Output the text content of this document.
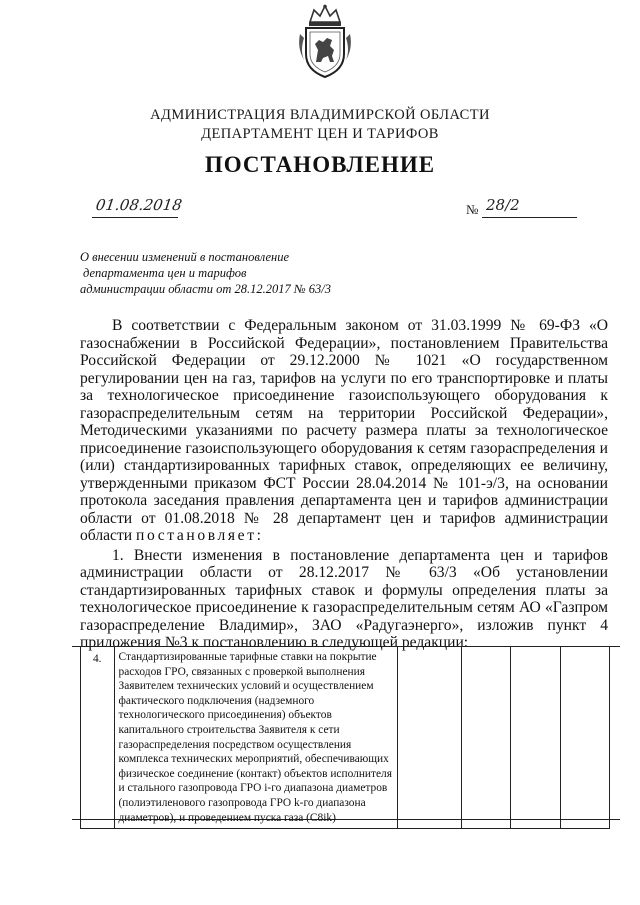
АДМИНИСТРАЦИЯ ВЛАДИМИРСКОЙ ОБЛАСТИ
ДЕПАРТАМЕНТ ЦЕН И ТАРИФОВ
ПОСТАНОВЛЕНИЕ
01.08.2018	№ 28/2
О внесении изменений в постановление
департамента цен и тарифов
администрации области от 28.12.2017 № 63/3

В соответствии с Федеральным законом от 31.03.1999 № 69-ФЗ «О газоснабжении в Российской Федерации», постановлением Правительства Российской Федерации от 29.12.2000 № 1021 «О государственном регулировании цен на газ, тарифов на услуги по его транспортировке и платы за технологическое присоединение газоиспользующего оборудования к газораспределительным сетям на территории Российской Федерации», Методическими указаниями по расчету размера платы за технологическое присоединение газоиспользующего оборудования к сетям газораспределения и (или) стандартизированных тарифных ставок, определяющих ее величину, утвержденными приказом ФСТ России 28.04.2014 № 101-э/3, на основании протокола заседания правления департамента цен и тарифов администрации области от 01.08.2018 № 28 департамент цен и тарифов администрации области постановляет:

1. Внести изменения в постановление департамента цен и тарифов администрации области от 28.12.2017 № 63/3 «Об установлении стандартизированных тарифных ставок и формулы определения платы за технологическое присоединение к газораспределительным сетям АО «Газпром газораспределение Владимир», ЗАО «Радугаэнерго», изложив пункт 4 приложения №3 к постановлению в следующей редакции:

4.	Стандартизированные тарифные ставки на покрытие расходов ГРО, связанных с проверкой выполнения Заявителем технических условий и осуществлением фактического подключения (надземного технологического присоединения) объектов капитального строительства Заявителя к сети газораспределения посредством осуществления комплекса технических мероприятий, обеспечивающих физическое соединение (контакт) объектов исполнителя и стального газопровода ГРО i-го диапазона диаметров (полиэтиленового газопровода ГРО k-го диапазона диаметров), и проведением пуска газа (C8ik)				
